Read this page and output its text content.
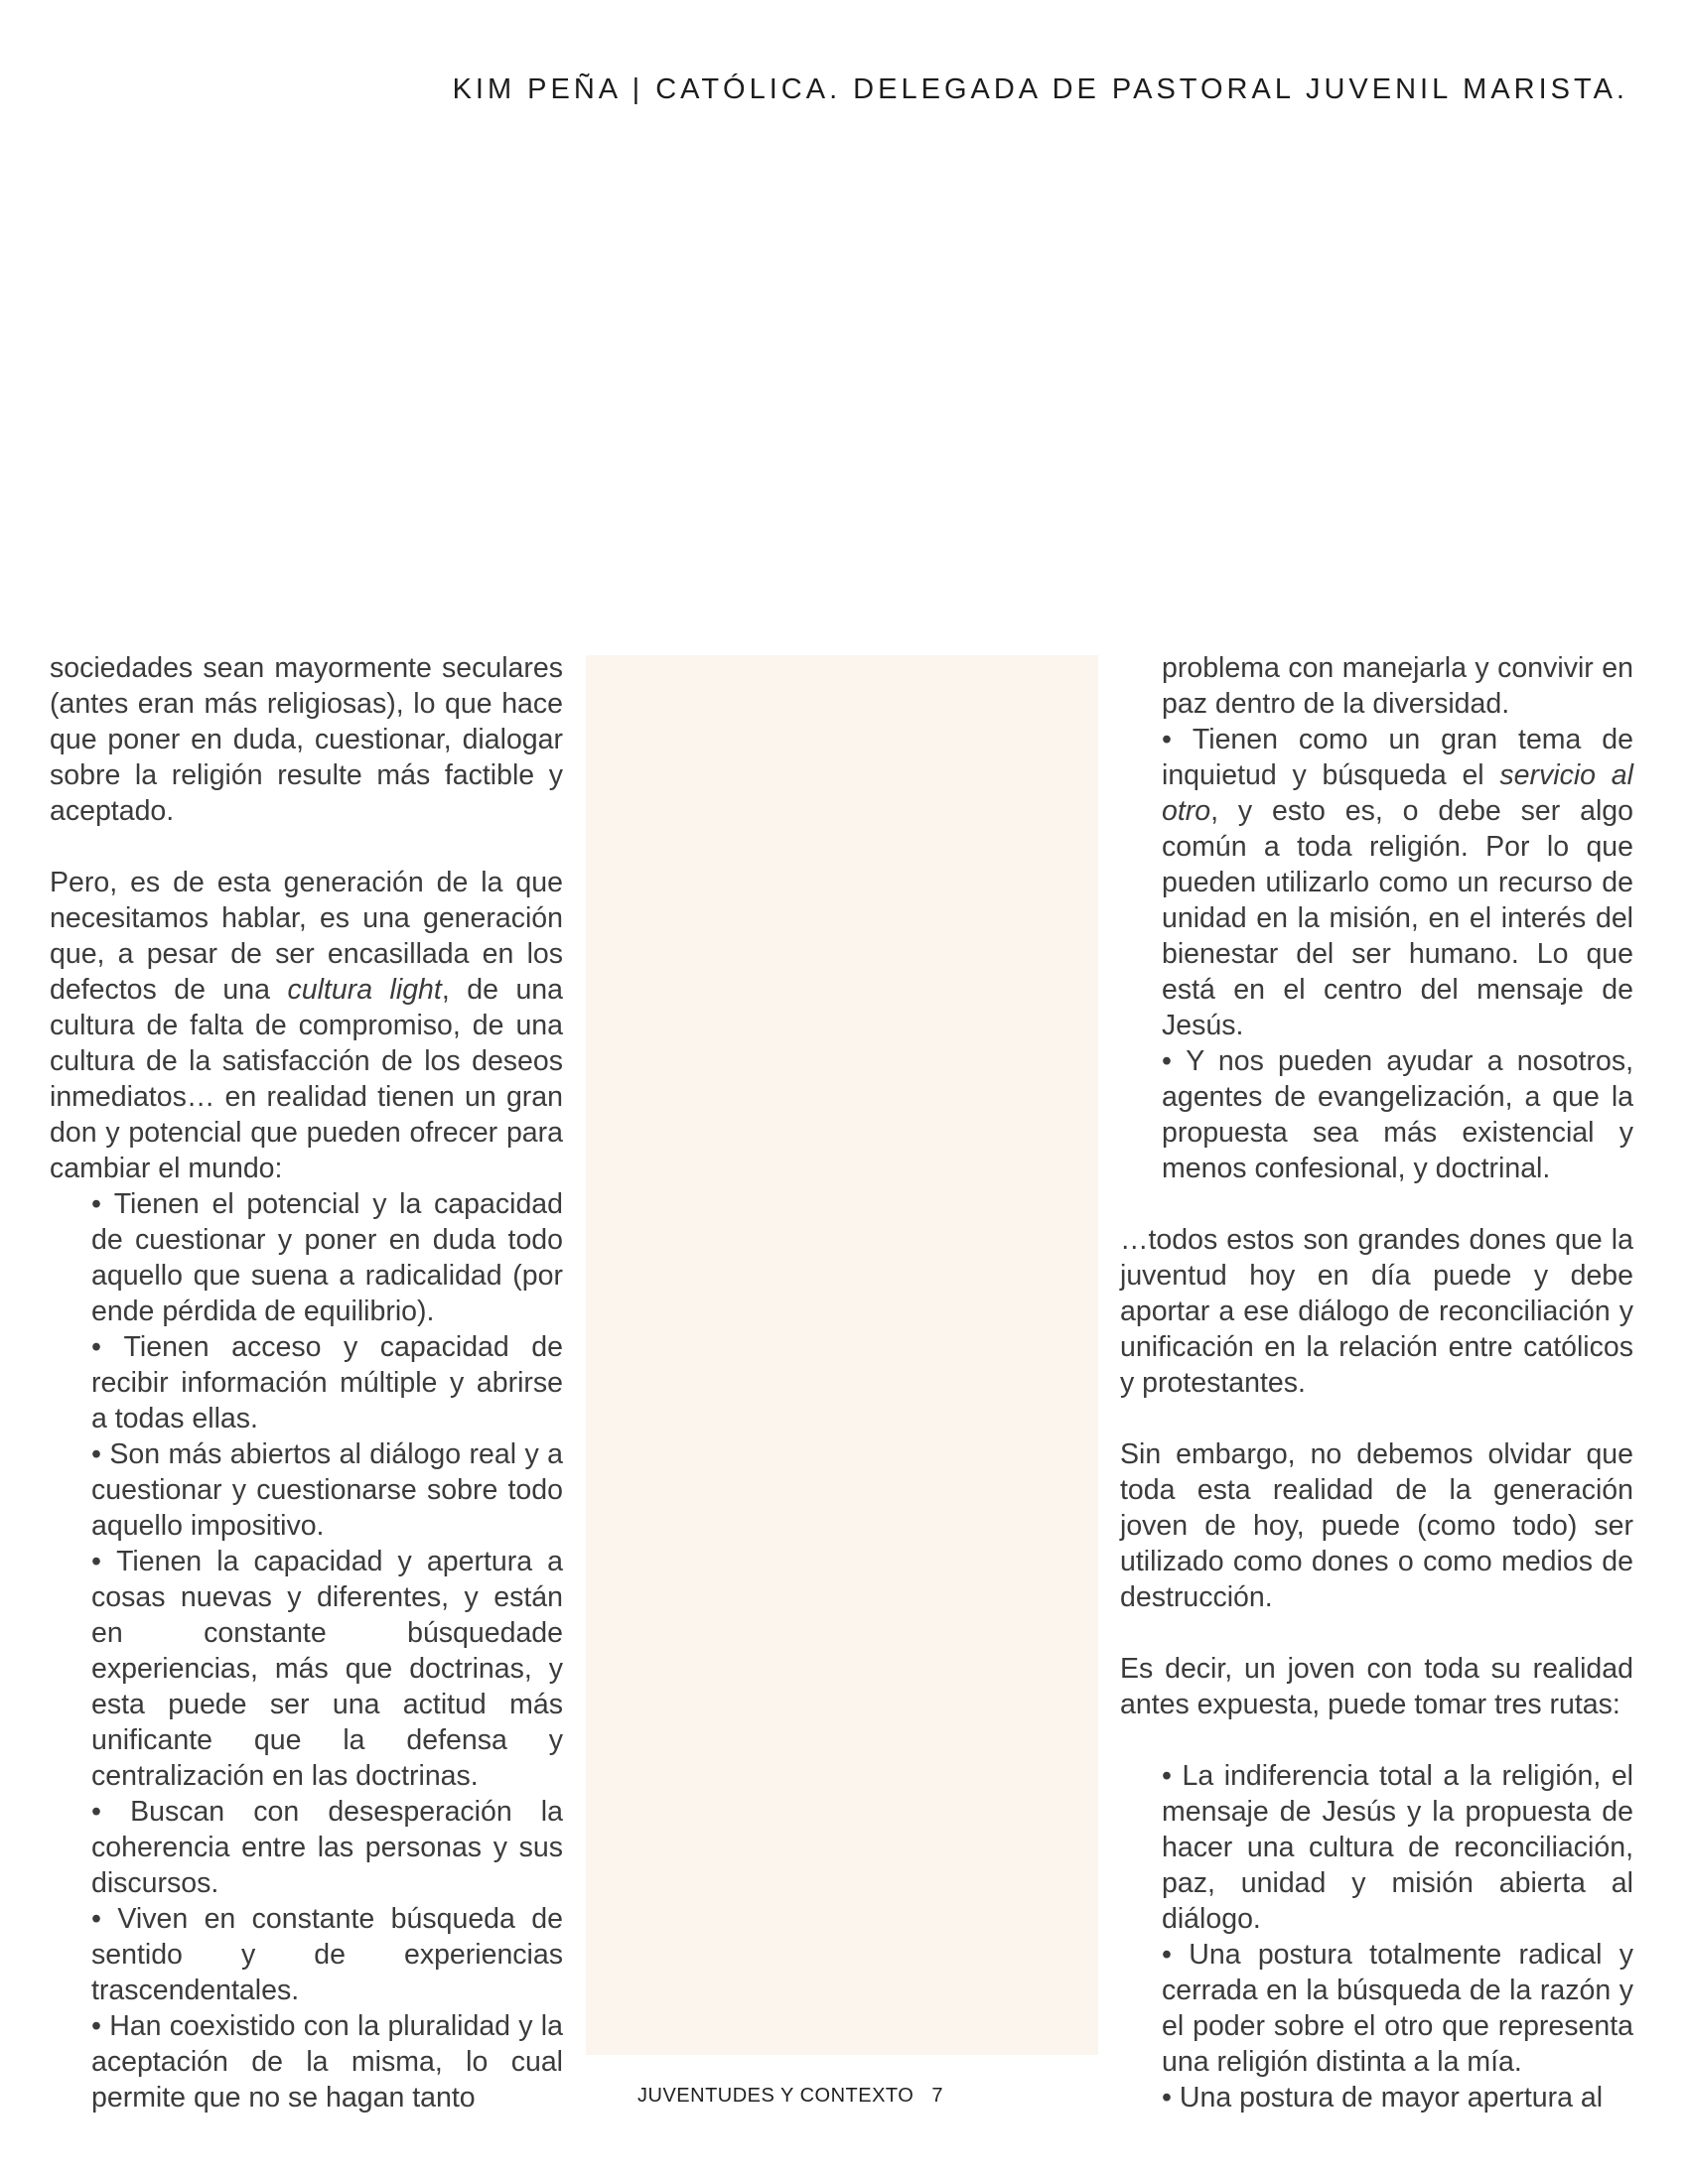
KIM PEÑA | CATÓLICA. DELEGADA DE PASTORAL JUVENIL MARISTA.

sociedades sean mayormente seculares (antes eran más religiosas), lo que hace que poner en duda, cuestionar, dialogar sobre la religión resulte más factible y aceptado.

Pero, es de esta generación de la que necesitamos hablar, es una generación que, a pesar de ser encasillada en los defectos de una cultura light, de una cultura de falta de compromiso, de una cultura de la satisfacción de los deseos inmediatos… en realidad tienen un gran don y potencial que pueden ofrecer para cambiar el mundo:

• Tienen el potencial y la capacidad de cuestionar y poner en duda todo aquello que suena a radicalidad (por ende pérdida de equilibrio).
• Tienen acceso y capacidad de recibir información múltiple y abrirse a todas ellas.
• Son más abiertos al diálogo real y a cuestionar y cuestionarse sobre todo aquello impositivo.
• Tienen la capacidad y apertura a cosas nuevas y diferentes, y están en constante búsquedade experiencias, más que doctrinas, y esta puede ser una actitud más unificante que la defensa y centralización en las doctrinas.
• Buscan con desesperación la coherencia entre las personas y sus discursos.
• Viven en constante búsqueda de sentido y de experiencias trascendentales.
• Han coexistido con la pluralidad y la aceptación de la misma, lo cual permite que no se hagan tanto
problema con manejarla y convivir en paz dentro de la diversidad.
• Tienen como un gran tema de inquietud y búsqueda el servicio al otro, y esto es, o debe ser algo común a toda religión. Por lo que pueden utilizarlo como un recurso de unidad en la misión, en el interés del bienestar del ser humano. Lo que está en el centro del mensaje de Jesús.
• Y nos pueden ayudar a nosotros, agentes de evangelización, a que la propuesta sea más existencial y menos confesional, y doctrinal.

…todos estos son grandes dones que la juventud hoy en día puede y debe aportar a ese diálogo de reconciliación y unificación en la relación entre católicos y protestantes.

Sin embargo, no debemos olvidar que toda esta realidad de la generación joven de hoy, puede (como todo) ser utilizado como dones o como medios de destrucción.

Es decir, un joven con toda su realidad antes expuesta, puede tomar tres rutas:

• La indiferencia total a la religión, el mensaje de Jesús y la propuesta de hacer una cultura de reconciliación, paz, unidad y misión abierta al diálogo.
• Una postura totalmente radical y cerrada en la búsqueda de la razón y el poder sobre el otro que representa una religión distinta a la mía.
• Una postura de mayor apertura al
JUVENTUDES Y CONTEXTO 7
